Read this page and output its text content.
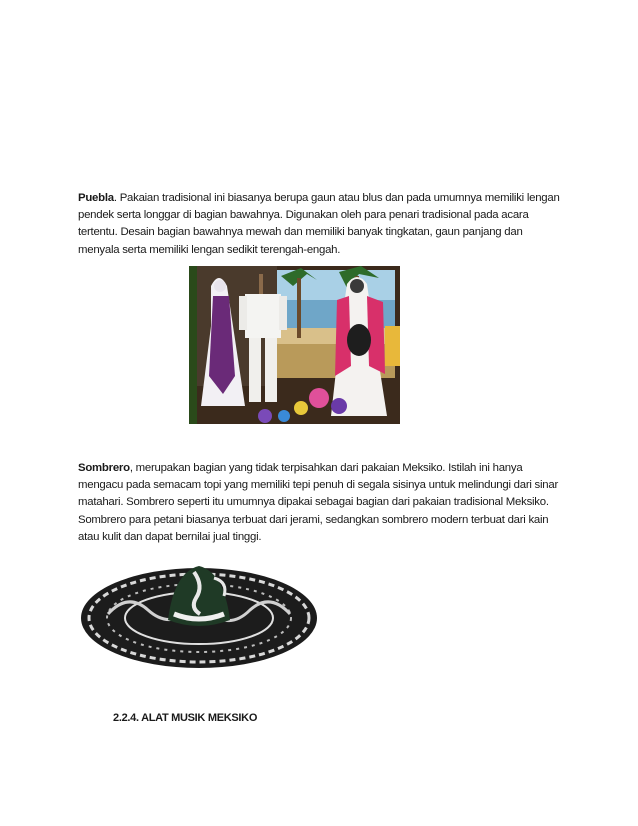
Puebla. Pakaian tradisional ini biasanya berupa gaun atau blus dan pada umumnya memiliki lengan pendek serta longgar di bagian bawahnya. Digunakan oleh para penari tradisional pada acara tertentu. Desain bagian bawahnya mewah dan memiliki banyak tingkatan, gaun panjang dan menyala serta memiliki lengan sedikit terengah-engah.

Sombrero, merupakan bagian yang tidak terpisahkan dari pakaian Meksiko. Istilah ini hanya mengacu pada semacam topi yang memiliki tepi penuh di segala sisinya untuk melindungi dari sinar matahari. Sombrero seperti itu umumnya dipakai sebagai bagian dari pakaian tradisional Meksiko. Sombrero para petani biasanya terbuat dari jerami, sedangkan sombrero modern terbuat dari kain atau kulit dan dapat bernilai jual tinggi.

2.2.4. ALAT MUSIK MEKSIKO
